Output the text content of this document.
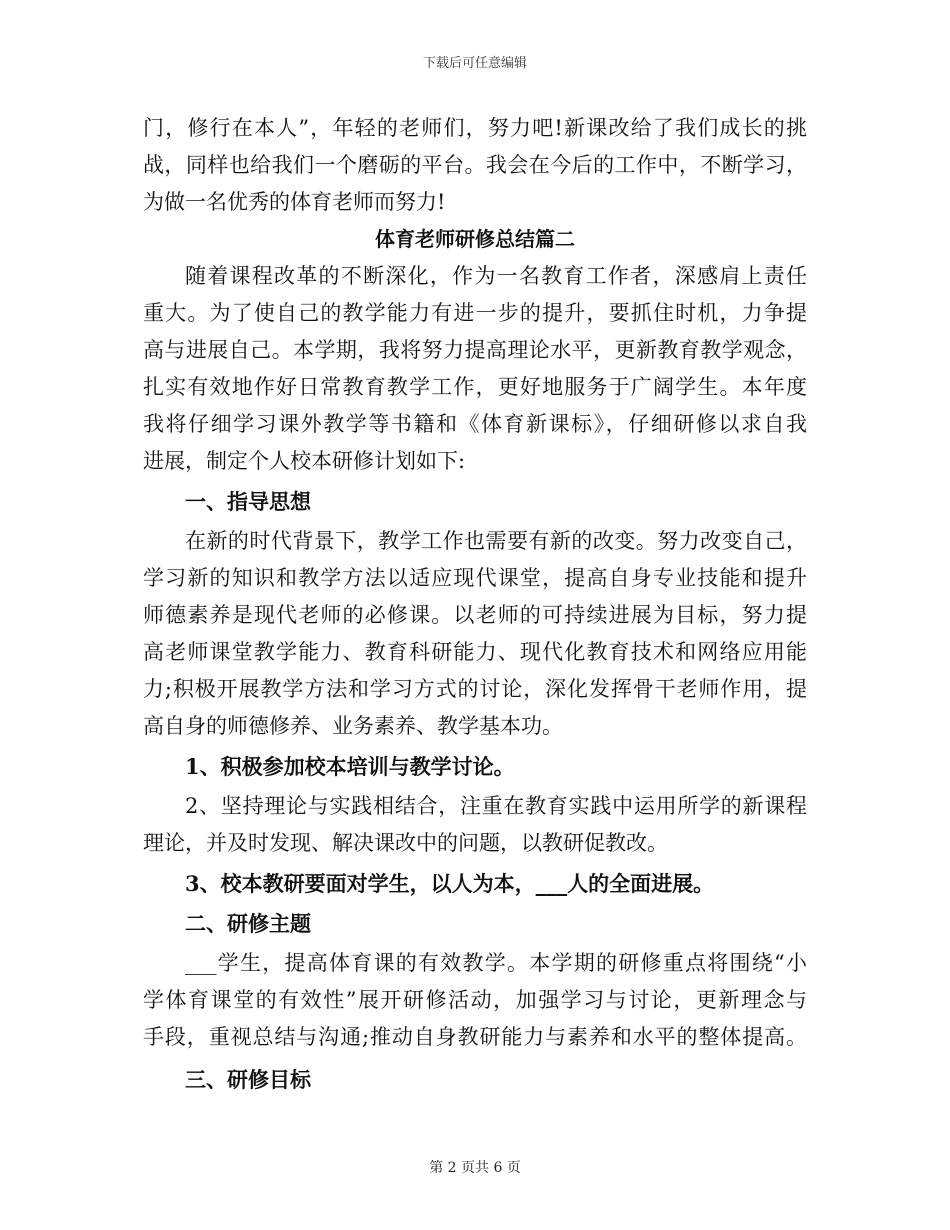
下载后可任意编辑
门，修行在本人”，年轻的老师们，努力吧!新课改给了我们成长的挑
战，同样也给我们一个磨砺的平台。我会在今后的工作中，不断学习，
为做一名优秀的体育老师而努力!
体育老师研修总结篇二
随着课程改革的不断深化，作为一名教育工作者，深感肩上责任
重大。为了使自己的教学能力有进一步的提升，要抓住时机，力争提
高与进展自己。本学期，我将努力提高理论水平，更新教育教学观念，
扎实有效地作好日常教育教学工作，更好地服务于广阔学生。本年度
我将仔细学习课外教学等书籍和《体育新课标》，仔细研修以求自我
进展，制定个人校本研修计划如下:
一、指导思想
在新的时代背景下，教学工作也需要有新的改变。努力改变自己，
学习新的知识和教学方法以适应现代课堂，提高自身专业技能和提升
师德素养是现代老师的必修课。以老师的可持续进展为目标，努力提
高老师课堂教学能力、教育科研能力、现代化教育技术和网络应用能
力;积极开展教学方法和学习方式的讨论，深化发挥骨干老师作用，提
高自身的师德修养、业务素养、教学基本功。
1、积极参加校本培训与教学讨论。
2、坚持理论与实践相结合，注重在教育实践中运用所学的新课程
理论，并及时发现、解决课改中的问题，以教研促教改。
3、校本教研要面对学生，以人为本，___人的全面进展。
二、研修主题
___学生，提高体育课的有效教学。本学期的研修重点将围绕“小
学体育课堂的有效性”展开研修活动，加强学习与讨论，更新理念与
手段，重视总结与沟通;推动自身教研能力与素养和水平的整体提高。
三、研修目标
第 2 页共 6 页
